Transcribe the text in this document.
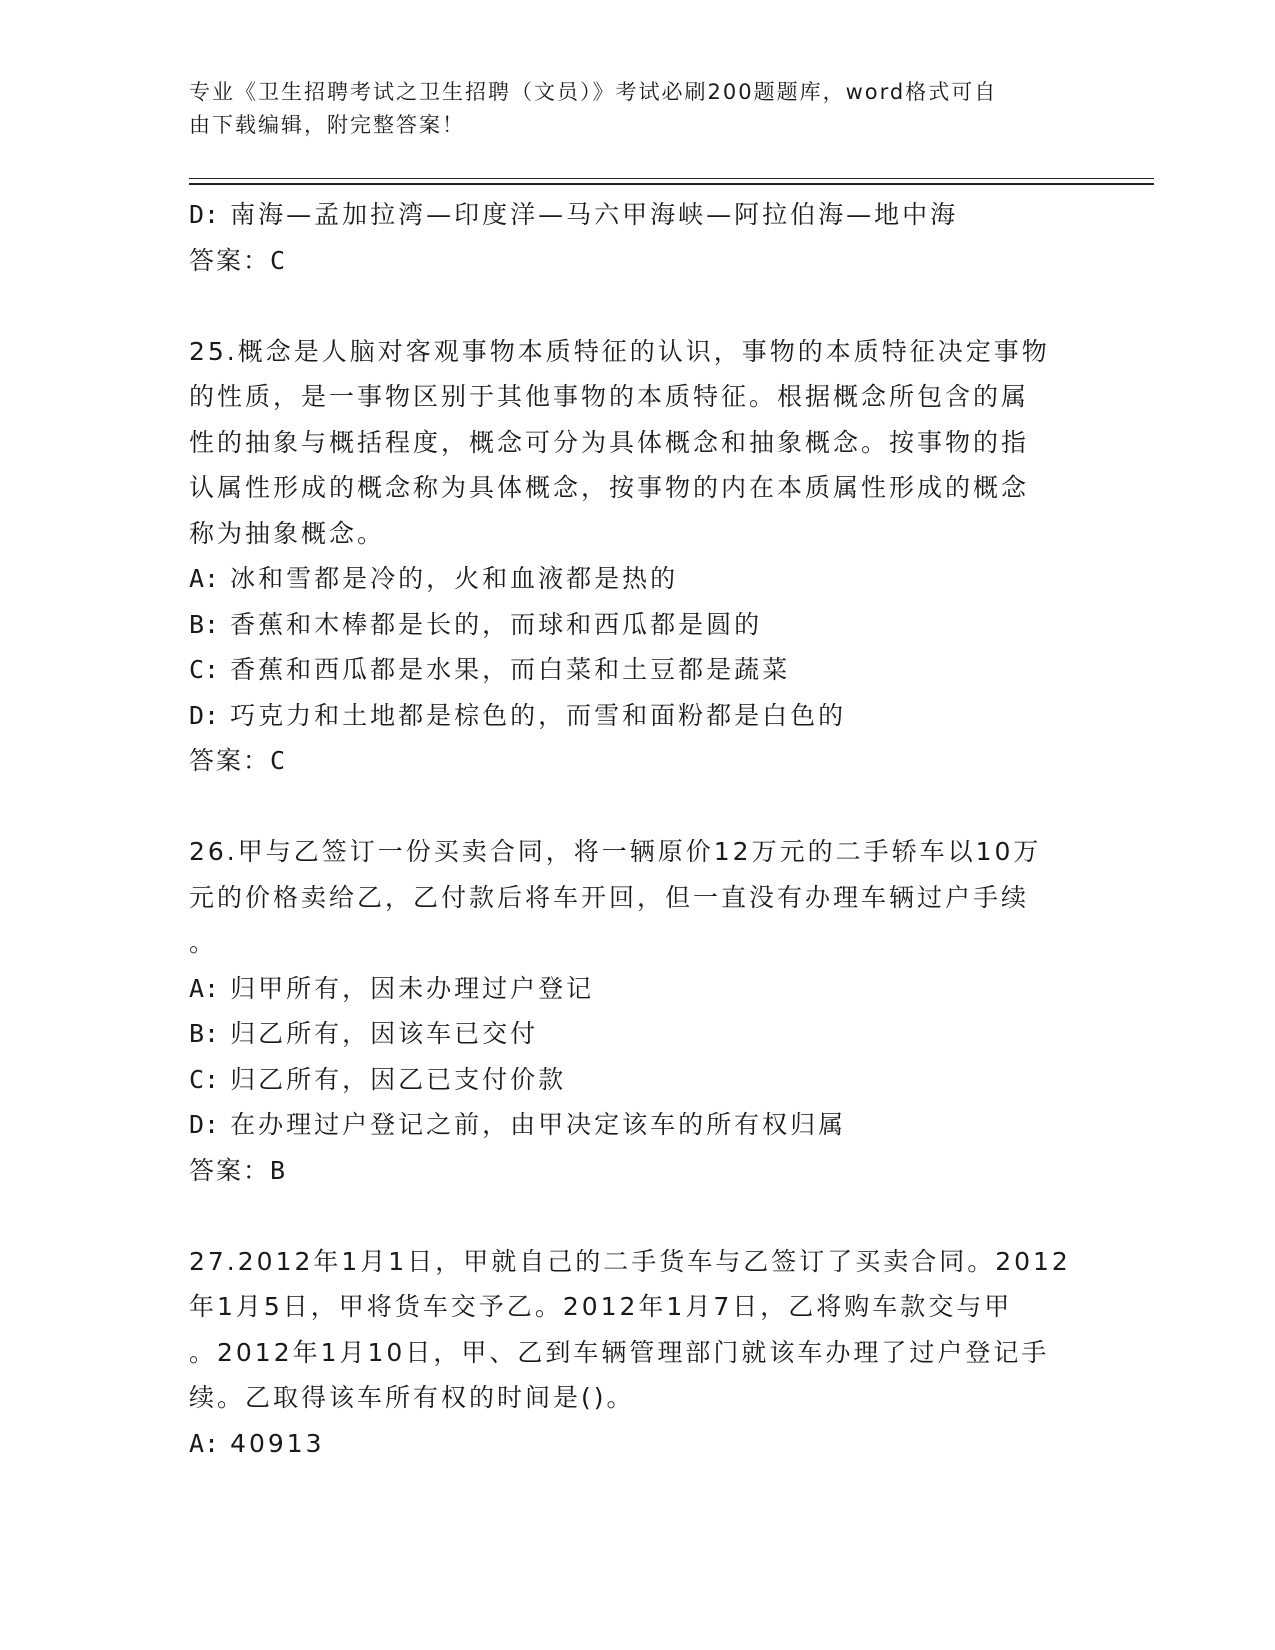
专业《卫生招聘考试之卫生招聘（文员）》考试必刷200题题库，word格式可自
由下载编辑，附完整答案！
D: 南海—孟加拉湾—印度洋—马六甲海峡—阿拉伯海—地中海
答案：C
25.概念是人脑对客观事物本质特征的认识，事物的本质特征决定事物
的性质，是一事物区别于其他事物的本质特征。根据概念所包含的属
性的抽象与概括程度，概念可分为具体概念和抽象概念。按事物的指
认属性形成的概念称为具体概念，按事物的内在本质属性形成的概念
称为抽象概念。
A: 冰和雪都是冷的，火和血液都是热的
B: 香蕉和木棒都是长的，而球和西瓜都是圆的
C: 香蕉和西瓜都是水果，而白菜和土豆都是蔬菜
D: 巧克力和土地都是棕色的，而雪和面粉都是白色的
答案：C
26.甲与乙签订一份买卖合同，将一辆原价12万元的二手轿车以10万
元的价格卖给乙，乙付款后将车开回，但一直没有办理车辆过户手续
。
A: 归甲所有，因未办理过户登记
B: 归乙所有，因该车已交付
C: 归乙所有，因乙已支付价款
D: 在办理过户登记之前，由甲决定该车的所有权归属
答案：B
27.2012年1月1日，甲就自己的二手货车与乙签订了买卖合同。2012
年1月5日，甲将货车交予乙。2012年1月7日，乙将购车款交与甲
。2012年1月10日，甲、乙到车辆管理部门就该车办理了过户登记手
续。乙取得该车所有权的时间是()。
A: 40913
